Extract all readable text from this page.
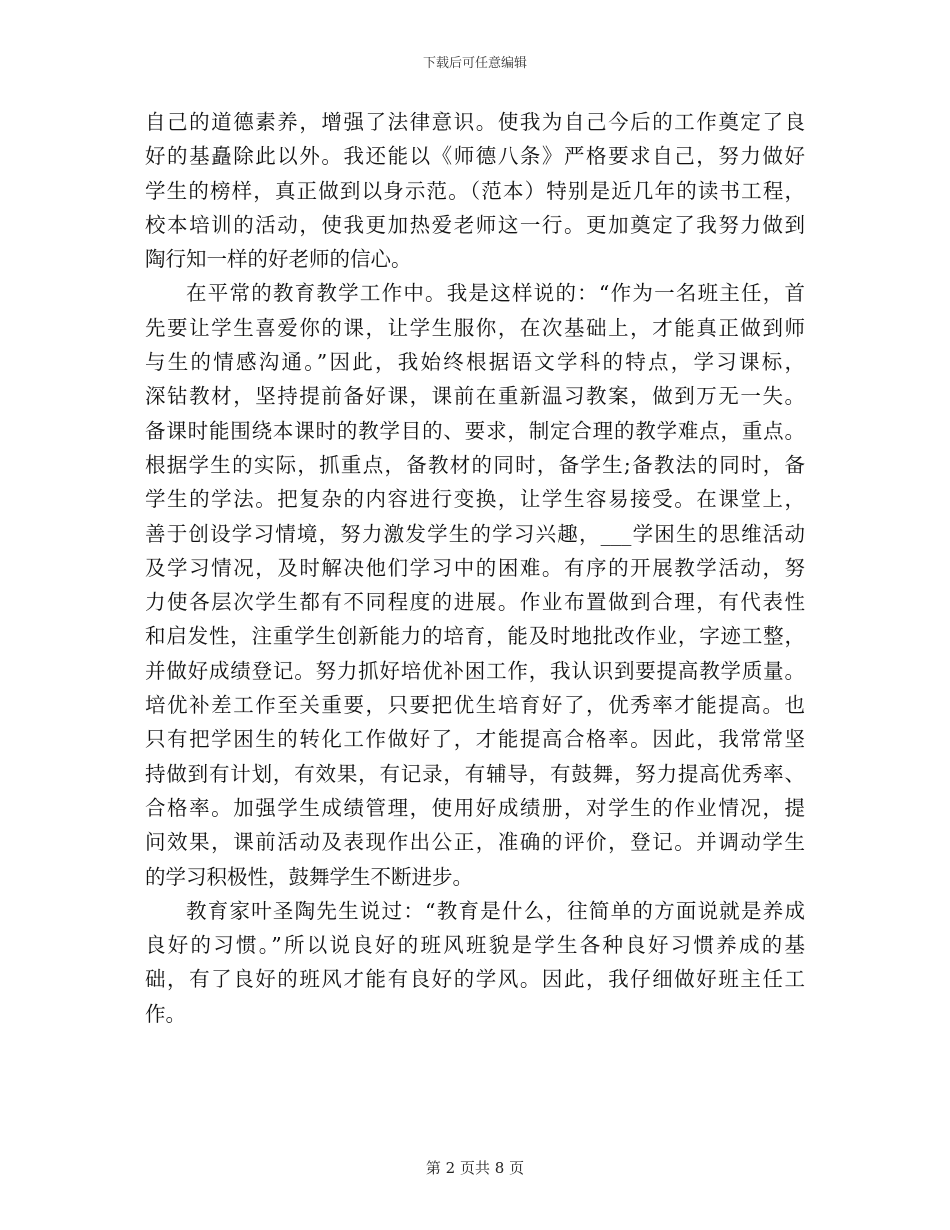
下载后可任意编辑
自己的道德素养，增强了法律意识。使我为自己今后的工作奠定了良
好的基矗除此以外。我还能以《师德八条》严格要求自己，努力做好
学生的榜样，真正做到以身示范。（范本）特别是近几年的读书工程，
校本培训的活动，使我更加热爱老师这一行。更加奠定了我努力做到
陶行知一样的好老师的信心。
在平常的教育教学工作中。我是这样说的：“作为一名班主任，首
先要让学生喜爱你的课，让学生服你，在次基础上，才能真正做到师
与生的情感沟通。”因此，我始终根据语文学科的特点，学习课标，
深钻教材，坚持提前备好课，课前在重新温习教案，做到万无一失。
备课时能围绕本课时的教学目的、要求，制定合理的教学难点，重点。
根据学生的实际，抓重点，备教材的同时，备学生;备教法的同时，备
学生的学法。把复杂的内容进行变换，让学生容易接受。在课堂上，
善于创设学习情境，努力激发学生的学习兴趣，___学困生的思维活动
及学习情况，及时解决他们学习中的困难。有序的开展教学活动，努
力使各层次学生都有不同程度的进展。作业布置做到合理，有代表性
和启发性，注重学生创新能力的培育，能及时地批改作业，字迹工整，
并做好成绩登记。努力抓好培优补困工作，我认识到要提高教学质量。
培优补差工作至关重要，只要把优生培育好了，优秀率才能提高。也
只有把学困生的转化工作做好了，才能提高合格率。因此，我常常坚
持做到有计划，有效果，有记录，有辅导，有鼓舞，努力提高优秀率、
合格率。加强学生成绩管理，使用好成绩册，对学生的作业情况，提
问效果，课前活动及表现作出公正，准确的评价，登记。并调动学生
的学习积极性，鼓舞学生不断进步。
教育家叶圣陶先生说过：“教育是什么，往简单的方面说就是养成
良好的习惯。”所以说良好的班风班貌是学生各种良好习惯养成的基
础，有了良好的班风才能有良好的学风。因此，我仔细做好班主任工
作。
第 2 页共 8 页
